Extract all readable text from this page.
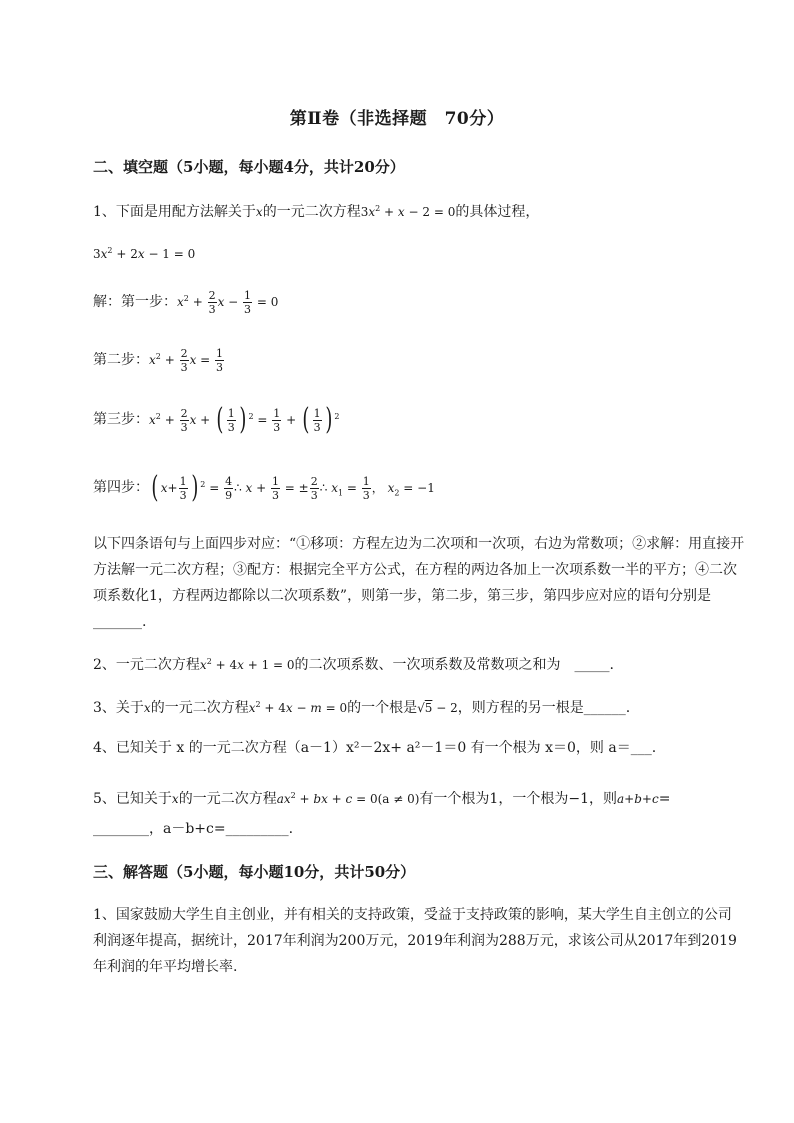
第Ⅱ卷（非选择题　70分）
二、填空题（5小题，每小题4分，共计20分）
1、下面是用配方法解关于x的一元二次方程$3x^2 + x - 2 = 0$的具体过程，
$3x^2 + 2x - 1 = 0$
解：第一步：$x^2 + \frac{2}{3}$ $x - \frac{1}{3} = 0$
第二步：$x^2 + \frac{2}{3}$ $x = \frac{1}{3}$
第三步：$x^2 + \frac{2}{3}$ x + ( $\frac{1}{3}$ ) $^2 = \frac{1}{3}$ + ( $\frac{1}{3}$ ) $^2$
第四步： ( $x + \frac{1}{3}$ ) $^2 = \frac{4}{9}$ ∴ $x + \frac{1}{3}$ = ± $\frac{2}{3}$ ∴ $x_1 = \frac{1}{3}$ ， $x_2 = -1$
以下四条语句与上面四步对应：“①移项：方程左边为二次项和一次项，右边为常数项；②求解：用直接开方法解一元二次方程；③配方：根据完全平方公式，在方程的两边各加上一次项系数一半的平方；④二次项系数化1，方程两边都除以二次项系数”，则第一步，第二步，第三步，第四步应对应的语句分别是_______.
2、一元二次方程$x^2 + 4x + 1 = 0$的二次项系数、一次项系数及常数项之和为　_____.
3、关于x的一元二次方程$x^2 + 4x - m = 0$的一个根是√5 − 2，则方程的另一根是______.
4、已知关于 x 的一元二次方程（a－1）x²－2x+ a²－1＝0 有一个根为 x＝0，则 a＝___.
5、已知关于x的一元二次方程$ax^2$ + bx + c = 0(a ≠ 0)有一个根为1，一个根为−1，则a+b+c=
________，a－b+c=_________.
三、解答题（5小题，每小题10分，共计50分）
1、国家鼓励大学生自主创业，并有相关的支持政策，受益于支持政策的影响，某大学生自主创立的公司利润逐年提高，据统计，2017年利润为200万元，2019年利润为288万元，求该公司从2017年到2019年利润的年平均增长率.
